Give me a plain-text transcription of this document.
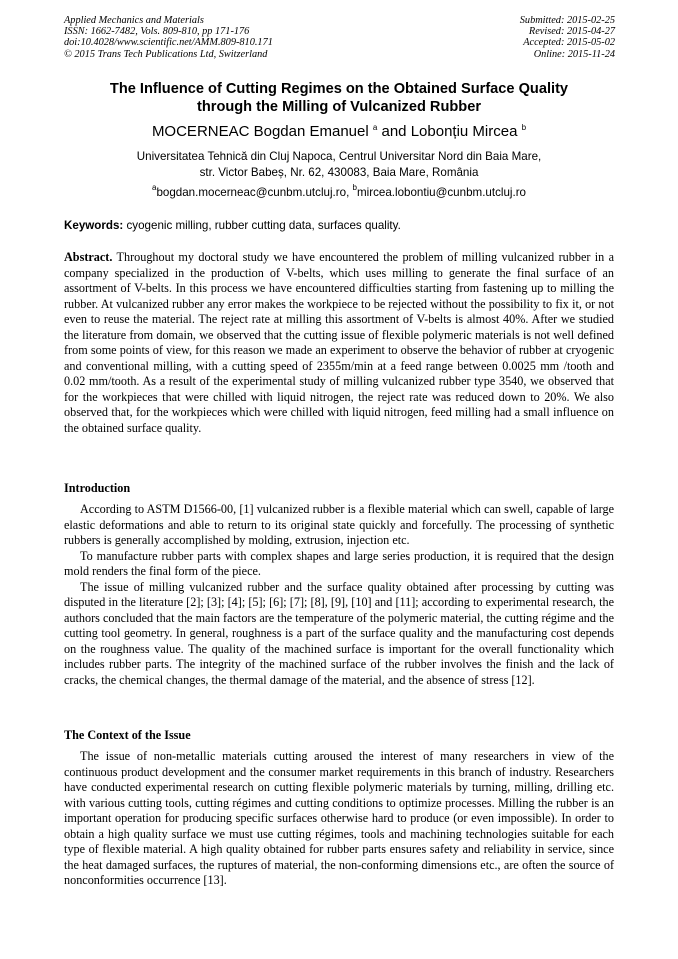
Applied Mechanics and Materials
ISSN: 1662-7482, Vols. 809-810, pp 171-176
doi:10.4028/www.scientific.net/AMM.809-810.171
© 2015 Trans Tech Publications Ltd, Switzerland
Submitted: 2015-02-25
Revised: 2015-04-27
Accepted: 2015-05-02
Online: 2015-11-24
The Influence of Cutting Regimes on the Obtained Surface Quality
through the Milling of Vulcanized Rubber
MOCERNEAC Bogdan Emanuel $^a$ and Lobonțiu Mircea $^b$
Universitatea Tehnică din Cluj Napoca, Centrul Universitar Nord din Baia Mare,
str. Victor Babeș, Nr. 62, 430083, Baia Mare, România
$^a$bogdan.mocerneac@cunbm.utcluj.ro, $^b$mircea.lobontiu@cunbm.utcluj.ro
Keywords: cyogenic milling, rubber cutting data, surfaces quality.

Abstract. Throughout my doctoral study we have encountered the problem of milling vulcanized rubber in a company specialized in the production of V-belts, which uses milling to generate the final surface of an assortment of V-belts. In this process we have encountered difficulties starting from fastening up to milling the rubber. At vulcanized rubber any error makes the workpiece to be rejected without the possibility to fix it, or not even to reuse the material. The reject rate at milling this assortment of V-belts is almost 40%. After we studied the literature from domain, we observed that the cutting issue of flexible polymeric materials is not well defined from some points of view, for this reason we made an experiment to observe the behavior of rubber at cryogenic and conventional milling, with a cutting speed of 2355m/min at a feed range between 0.0025 mm /tooth and 0.02 mm/tooth. As a result of the experimental study of milling vulcanized rubber type 3540, we observed that for the workpieces that were chilled with liquid nitrogen, the reject rate was reduced down to 20%. We also observed that, for the workpieces which were chilled with liquid nitrogen, feed milling had a small influence on the obtained surface quality.

Introduction

According to ASTM D1566-00, [1] vulcanized rubber is a flexible material which can swell, capable of large elastic deformations and able to return to its original state quickly and forcefully. The processing of synthetic rubbers is generally accomplished by molding, extrusion, injection etc.

To manufacture rubber parts with complex shapes and large series production, it is required that the design mold renders the final form of the piece.

The issue of milling vulcanized rubber and the surface quality obtained after processing by cutting was disputed in the literature [2]; [3]; [4]; [5]; [6]; [7]; [8], [9], [10] and [11]; according to experimental research, the authors concluded that the main factors are the temperature of the polymeric material, the cutting régime and the cutting tool geometry. In general, roughness is a part of the surface quality and the manufacturing cost depends on the roughness value. The quality of the machined surface is important for the overall functionality which includes rubber parts. The integrity of the machined surface of the rubber involves the finish and the lack of cracks, the chemical changes, the thermal damage of the material, and the absence of stress [12].

The Context of the Issue

The issue of non-metallic materials cutting aroused the interest of many researchers in view of the continuous product development and the consumer market requirements in this branch of industry. Researchers have conducted experimental research on cutting flexible polymeric materials by turning, milling, drilling etc. with various cutting tools, cutting régimes and cutting conditions to optimize processes. Milling the rubber is an important operation for producing specific surfaces otherwise hard to produce (or even impossible). In order to obtain a high quality surface we must use cutting régimes, tools and machining technologies suitable for each type of flexible material. A high quality obtained for rubber parts ensures safety and reliability in service, since the heat damaged surfaces, the ruptures of material, the non-conforming dimensions etc., are often the source of nonconformities occurrence [13].
